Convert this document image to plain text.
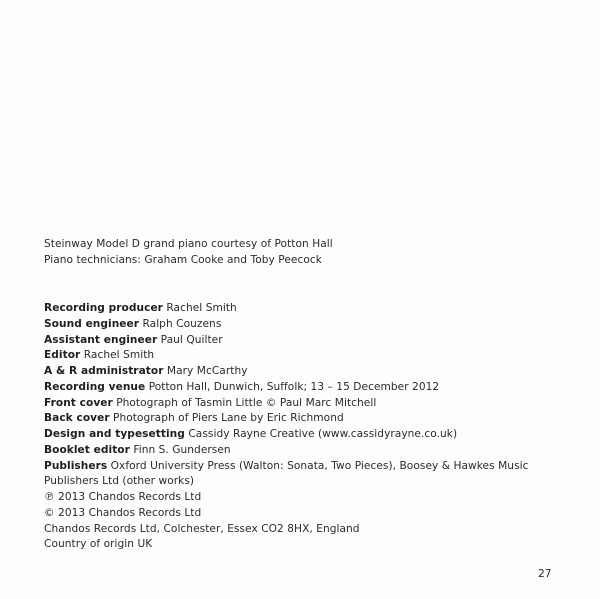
Steinway Model D grand piano courtesy of Potton Hall
Piano technicians: Graham Cooke and Toby Peecock
Recording producer Rachel Smith
Sound engineer Ralph Couzens
Assistant engineer Paul Quilter
Editor Rachel Smith
A & R administrator Mary McCarthy
Recording venue Potton Hall, Dunwich, Suffolk; 13 – 15 December 2012
Front cover Photograph of Tasmin Little © Paul Marc Mitchell
Back cover Photograph of Piers Lane by Eric Richmond
Design and typesetting Cassidy Rayne Creative (www.cassidyrayne.co.uk)
Booklet editor Finn S. Gundersen
Publishers Oxford University Press (Walton: Sonata, Two Pieces), Boosey & Hawkes Music Publishers Ltd (other works)
℗ 2013 Chandos Records Ltd
© 2013 Chandos Records Ltd
Chandos Records Ltd, Colchester, Essex CO2 8HX, England
Country of origin UK
27
